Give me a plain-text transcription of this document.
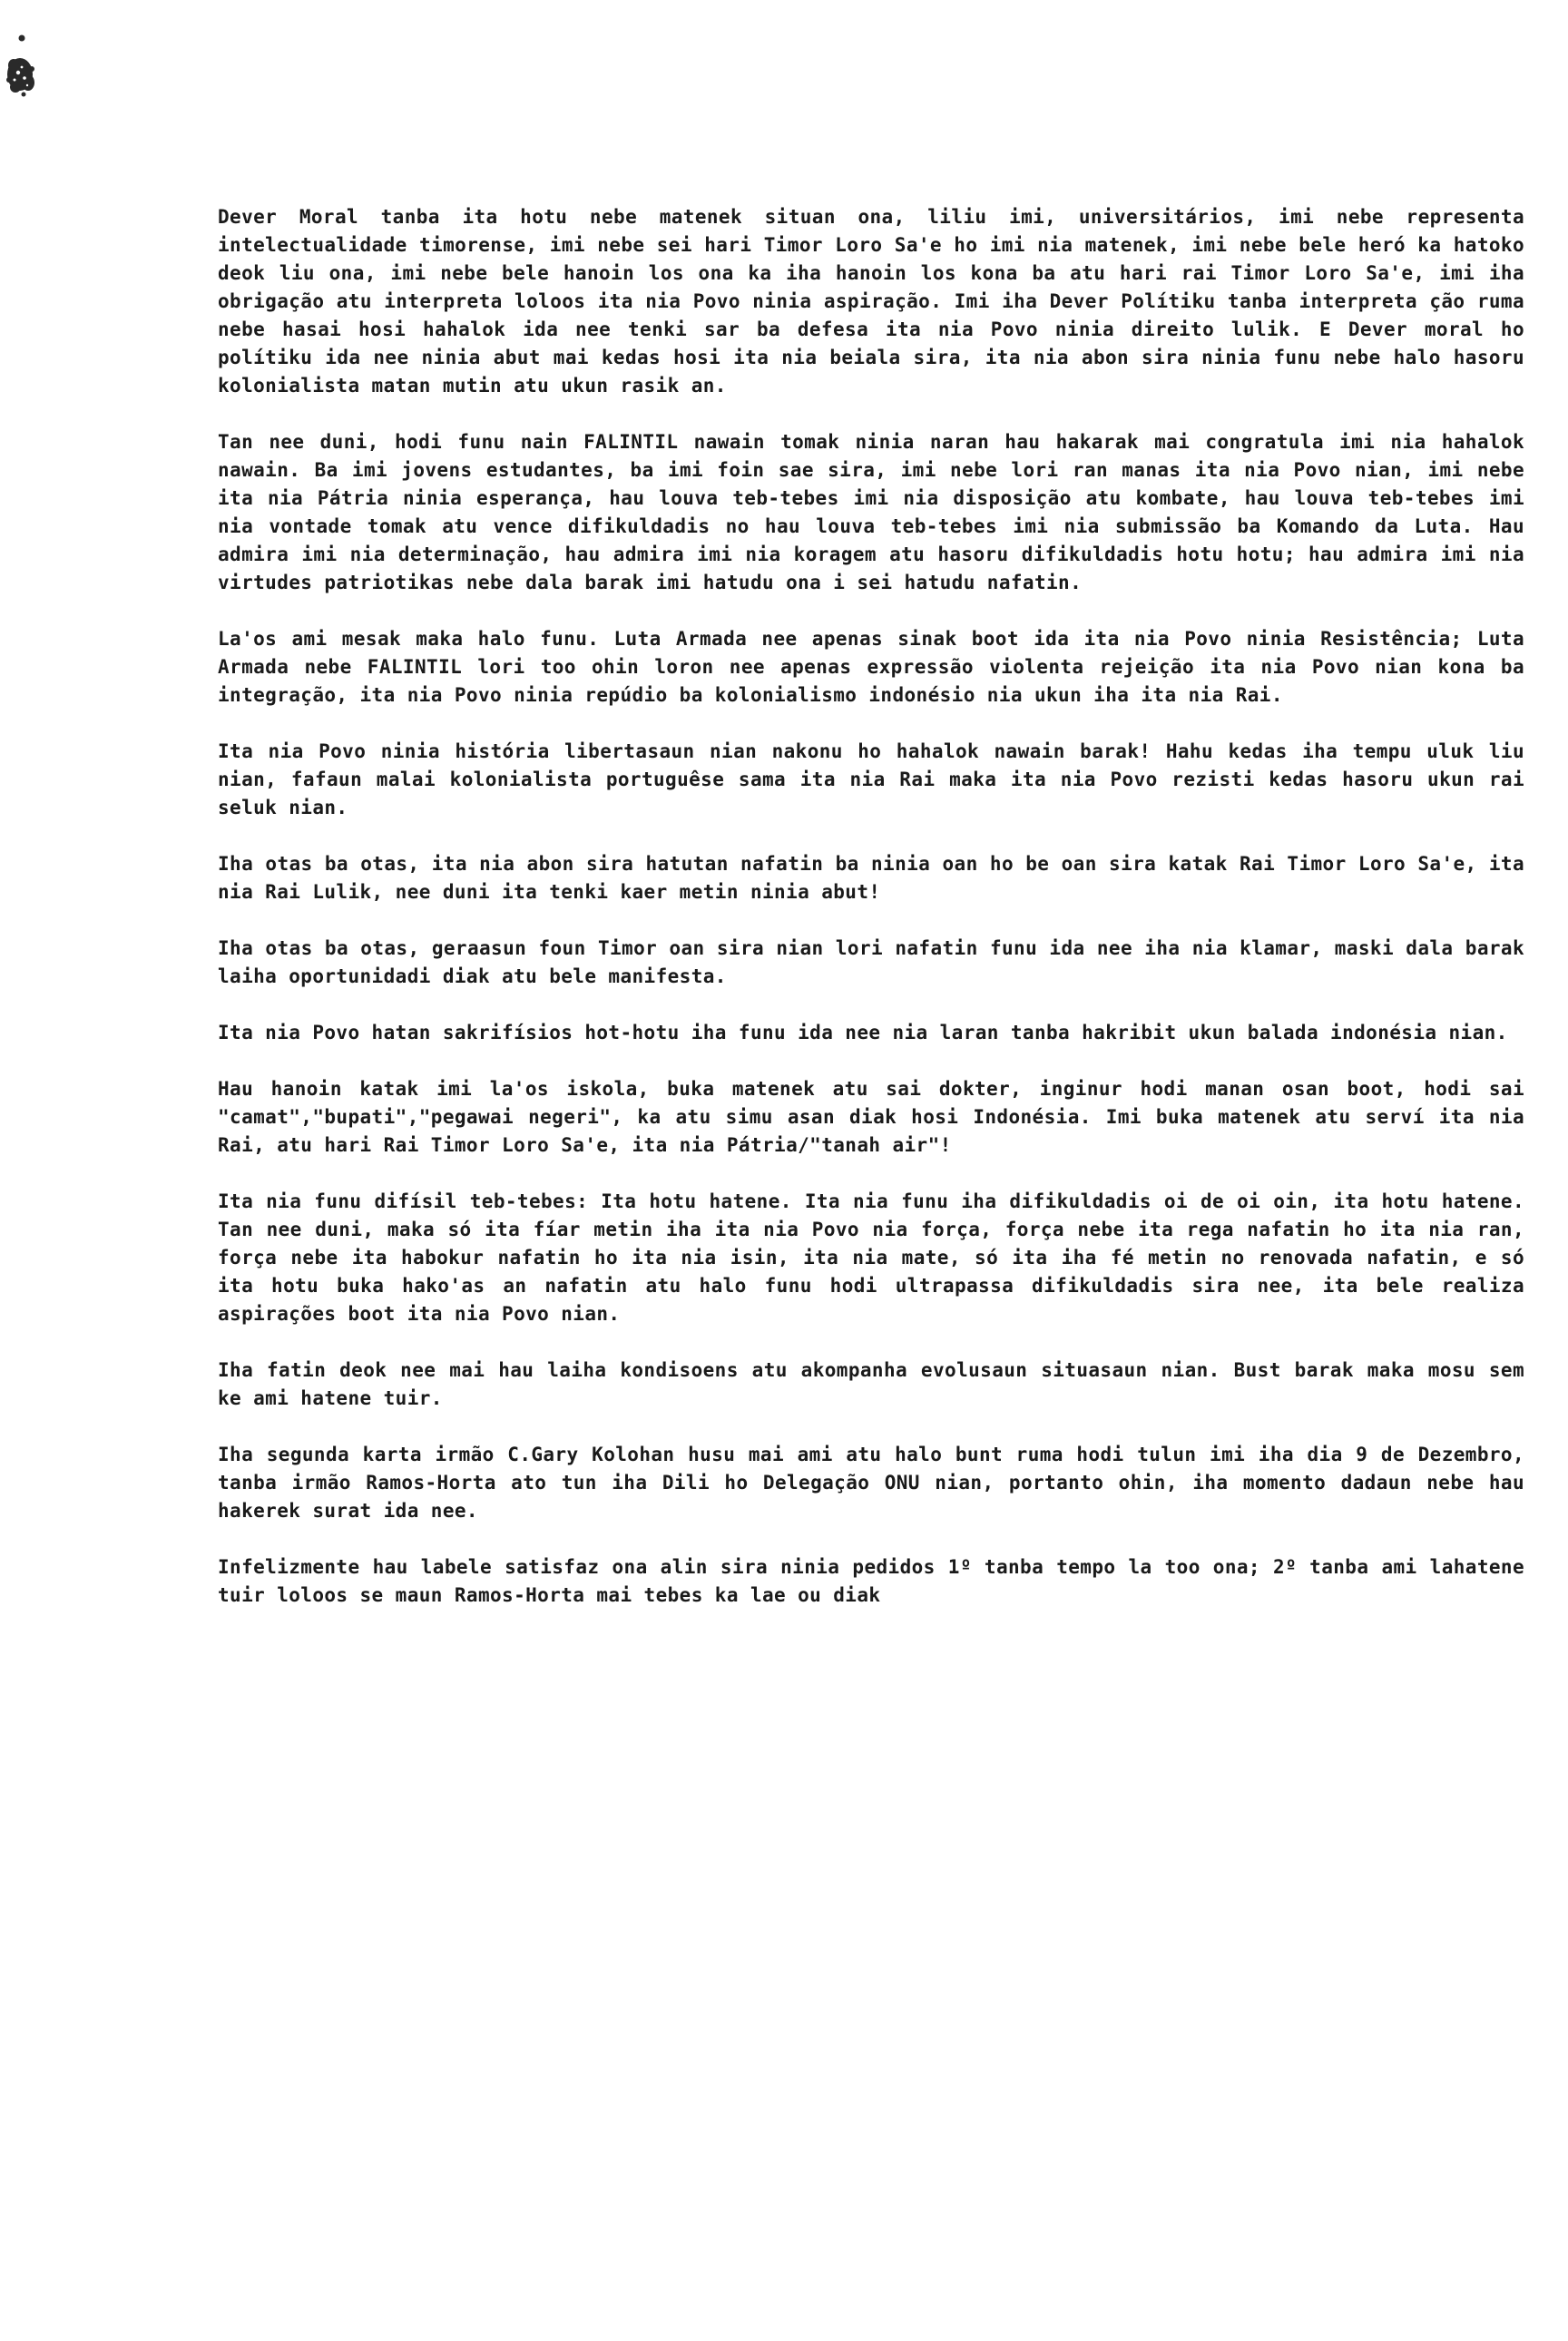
Dever Moral tanba ita hotu nebe matenek situan ona, liliu imi, universitários, imi nebe representa intelectualidade timorense, imi nebe sei hari Timor Loro Sa'e ho imi nia matenek, imi nebe bele heró ka hatoko deok liu ona, imi nebe bele hanoin los ona ka iha hanoin los kona ba atu hari rai Timor Loro Sa'e, imi iha obrigação atu interpreta loloos ita nia Povo ninia aspiração. Imi iha Dever Polítiku tanba interpreta ção ruma nebe hasai hosi hahalok ida nee tenki sar ba defesa ita nia Povo ninia direito lulik. E Dever moral ho polítiku ida nee ninia abut mai kedas hosi ita nia beiala sira, ita nia abon sira ninia funu nebe halo hasoru kolonialista matan mutin atu ukun rasik an.

Tan nee duni, hodi funu nain FALINTIL nawain tomak ninia naran hau hakarak mai congratula imi nia hahalok nawain. Ba imi jovens estudantes, ba imi foin sae sira, imi nebe lori ran manas ita nia Povo nian, imi nebe ita nia Pátria ninia esperança, hau louva teb-tebes imi nia disposição atu kombate, hau louva teb-tebes imi nia vontade tomak atu vence difikuldadis no hau louva teb-tebes imi nia submissão ba Komando da Luta. Hau admira imi nia determinação, hau admira imi nia koragem atu hasoru difikuldadis hotu hotu; hau admira imi nia virtudes patriotikas nebe dala barak imi hatudu ona i sei hatudu nafatin.

La'os ami mesak maka halo funu. Luta Armada nee apenas sinak boot ida ita nia Povo ninia Resistência; Luta Armada nebe FALINTIL lori too ohin loron nee apenas expressão violenta rejeição ita nia Povo nian kona ba integração, ita nia Povo ninia repúdio ba kolonialismo indonésio nia ukun iha ita nia Rai.

Ita nia Povo ninia história libertasaun nian nakonu ho hahalok nawain barak! Hahu kedas iha tempu uluk liu nian, fafaun malai kolonialista portuguêse sama ita nia Rai maka ita nia Povo rezisti kedas hasoru ukun rai seluk nian.

Iha otas ba otas, ita nia abon sira hatutan nafatin ba ninia oan ho be oan sira katak Rai Timor Loro Sa'e, ita nia Rai Lulik, nee duni ita tenki kaer metin ninia abut!

Iha otas ba otas, geraasun foun Timor oan sira nian lori nafatin funu ida nee iha nia klamar, maski dala barak laiha oportunidadi diak atu bele manifesta.

Ita nia Povo hatan sakrifísios hot-hotu iha funu ida nee nia laran tanba hakribit ukun balada indonésia nian.

Hau hanoin katak imi la'os iskola, buka matenek atu sai dokter, inginur hodi manan osan boot, hodi sai "camat","bupati","pegawai negeri", ka atu simu asan diak hosi Indonésia. Imi buka matenek atu serví ita nia Rai, atu hari Rai Timor Loro Sa'e, ita nia Pátria/"tanah air"!

Ita nia funu difísil teb-tebes: Ita hotu hatene. Ita nia funu iha difikuldadis oi de oi oin, ita hotu hatene. Tan nee duni, maka só ita fíar metin iha ita nia Povo nia força, força nebe ita rega nafatin ho ita nia ran, força nebe ita habokur nafatin ho ita nia isin, ita nia mate, só ita iha fé metin no renovada nafatin, e só ita hotu buka hako'as an nafatin atu halo funu hodi ultrapassa difikuldadis sira nee, ita bele realiza aspirações boot ita nia Povo nian.

Iha fatin deok nee mai hau laiha kondisoens atu akompanha evolusaun situasaun nian. Bust barak maka mosu sem ke ami hatene tuir.

Iha segunda karta irmão C.Gary Kolohan husu mai ami atu halo bunt ruma hodi tulun imi iha dia 9 de Dezembro, tanba irmão Ramos-Horta ato tun iha Dili ho Delegação ONU nian, portanto ohin, iha momento dadaun nebe hau hakerek surat ida nee.

Infelizmente hau labele satisfaz ona alin sira ninia pedidos 1º tanba tempo la too ona; 2º tanba ami lahatene tuir loloos se maun Ramos-Horta mai tebes ka lae ou diak
